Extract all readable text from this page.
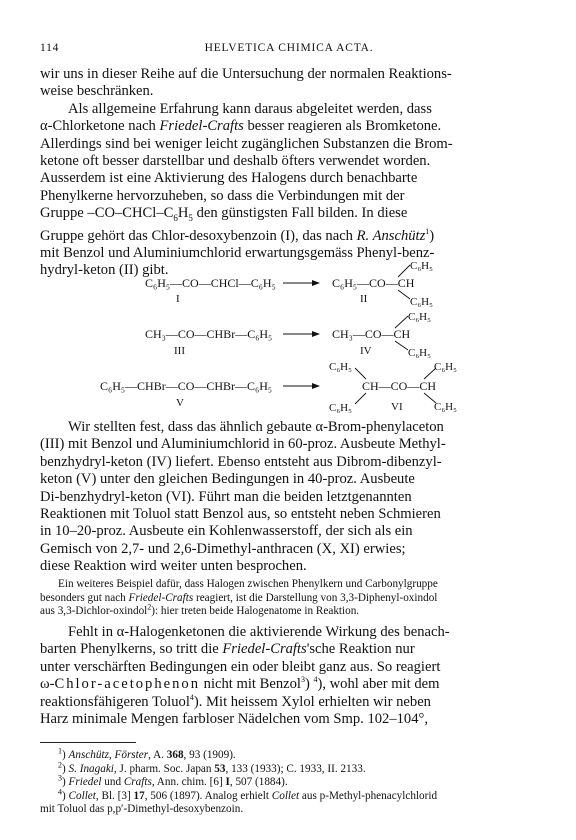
114	HELVETICA CHIMICA ACTA.

wir uns in dieser Reihe auf die Untersuchung der normalen Reaktions-

weise beschränken.

Als allgemeine Erfahrung kann daraus abgeleitet werden, dass

α-Chlorketone nach Friedel-Crafts besser reagieren als Bromketone.

Allerdings sind bei weniger leicht zugänglichen Substanzen die Brom-

ketone oft besser darstellbar und deshalb öfters verwendet worden.

Ausserdem ist eine Aktivierung des Halogens durch benachbarte

Phenylkerne hervorzuheben, so dass die Verbindungen mit der

Gruppe $-CO-CHCl-C_6H_5$ den günstigsten Fall bilden. In diese

Gruppe gehört das Chlor-desoxybenzoin (I), das nach R. Anschütz$^1$)

mit Benzol und Aluminiumchlorid erwartungsgemäss Phenyl-benz-

hydryl-keton (II) gibt.

C₆H₅—CO—CHCl—C₆H₅
I
C₆H₅—CO—CH
C₆H₅
C₆H₅
II
CH₃—CO—CHBr—C₆H₅
III
CH₃—CO—CH
C₆H₅
C₆H₅
IV
C₆H₅—CHBr—CO—CHBr—C₆H₅
V
C₆H₅
CH—CO—CH
C₆H₅
C₆H₅
C₆H₅
VI

Wir stellten fest, dass das ähnlich gebaute α-Brom-phenylaceton

(III) mit Benzol und Aluminiumchlorid in 60-proz. Ausbeute Methyl-

benzhydryl-keton (IV) liefert. Ebenso entsteht aus Dibrom-dibenzyl-

keton (V) unter den gleichen Bedingungen in 40-proz. Ausbeute

Di-benzhydryl-keton (VI). Führt man die beiden letztgenannten

Reaktionen mit Toluol statt Benzol aus, so entsteht neben Schmieren

in 10–20-proz. Ausbeute ein Kohlenwasserstoff, der sich als ein

Gemisch von 2,7- und 2,6-Dimethyl-anthracen (X, XI) erwies;

diese Reaktion wird weiter unten besprochen.

Ein weiteres Beispiel dafür, dass Halogen zwischen Phenylkern und Carbonylgruppe
besonders gut nach Friedel-Crafts reagiert, ist die Darstellung von 3,3-Diphenyl-oxindol
aus 3,3-Dichlor-oxindol$^2$): hier treten beide Halogenatome in Reaktion.

Fehlt in α-Halogenketonen die aktivierende Wirkung des benach-

barten Phenylkerns, so tritt die Friedel-Crafts'sche Reaktion nur

unter verschärften Bedingungen ein oder bleibt ganz aus. So reagiert

ω-Chlor-acetophenon nicht mit Benzol$^3$) $^4$), wohl aber mit dem

reaktionsfähigeren Toluol$^4$). Mit heissem Xylol erhielten wir neben

Harz minimale Mengen farbloser Nädelchen vom Smp. 102–104°,

$^1$) Anschütz, Förster, A. 368, 93 (1909).
$^2$) S. Inagaki, J. pharm. Soc. Japan 53, 133 (1933); C. 1933, II. 2133.
$^3$) Friedel und Crafts, Ann. chim. [6] I, 507 (1884).
$^4$) Collet, Bl. [3] 17, 506 (1897). Analog erhielt Collet aus p-Methyl-phenacylchlorid
mit Toluol das p,p′-Dimethyl-desoxybenzoin.
